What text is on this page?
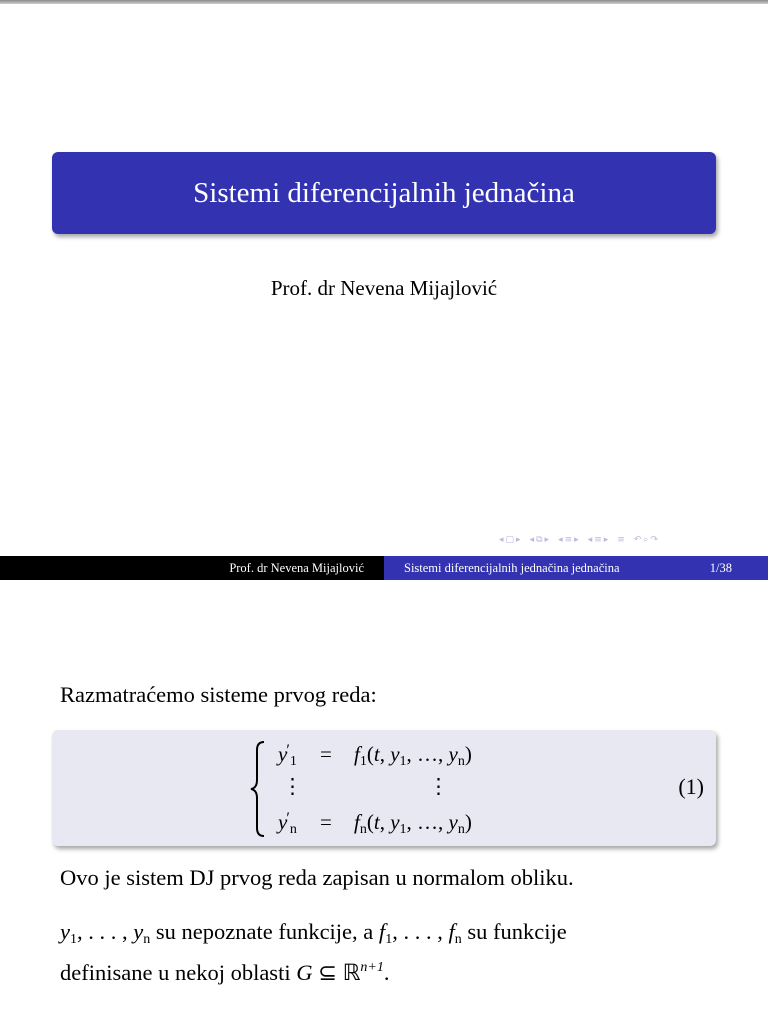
Sistemi diferencijalnih jednačina
Prof. dr Nevena Mijajlović
◂ ▢ ▸ ◂ ⧉ ▸ ◂ ≡ ▸ ◂ ≡ ▸ ≡ ↶ ⌕ ↷
Prof. dr Nevena Mijajlović	Sistemi diferencijalnih jednačina jednačina	1/38
Razmatraćemo sisteme prvog reda:
$y'_1 = f_1(t$, $y_1$, …, $y_n$)
⋮	⋮
$y'_n = f_n(t$, $y_1$, …, $y_n$)
(1)
Ovo je sistem DJ prvog reda zapisan u normalom obliku.
$y_1$, . . . , $y_n$ su nepoznate funkcije, a $f_1$, . . . , $f_n$ su funkcije
definisane u nekoj oblasti G ⊆ ℝ$^{n+1}$.
